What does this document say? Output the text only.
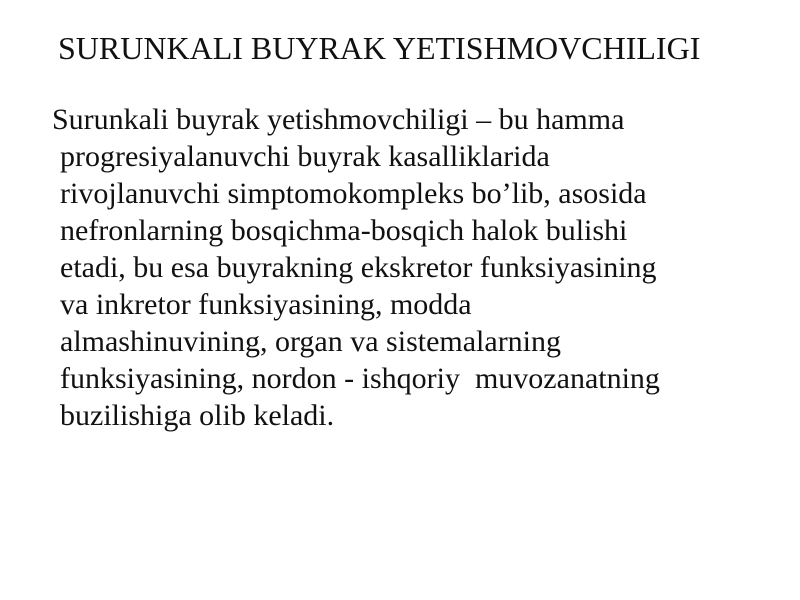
SURUNKALI BUYRAK YETISHMOVCHILIGI
Surunkali buyrak yetishmovchiligi – bu hamma
progresiyalanuvchi buyrak kasalliklarida
rivojlanuvchi simptomokompleks bo’lib, asosida
nefronlarning bosqichma-bosqich halok bulishi
etadi, bu esa buyrakning ekskretor funksiyasining
va inkretor funksiyasining, modda
almashinuvining, organ va sistemalarning
funksiyasining, nordon - ishqoriy  muvozanatning
buzilishiga olib keladi.
